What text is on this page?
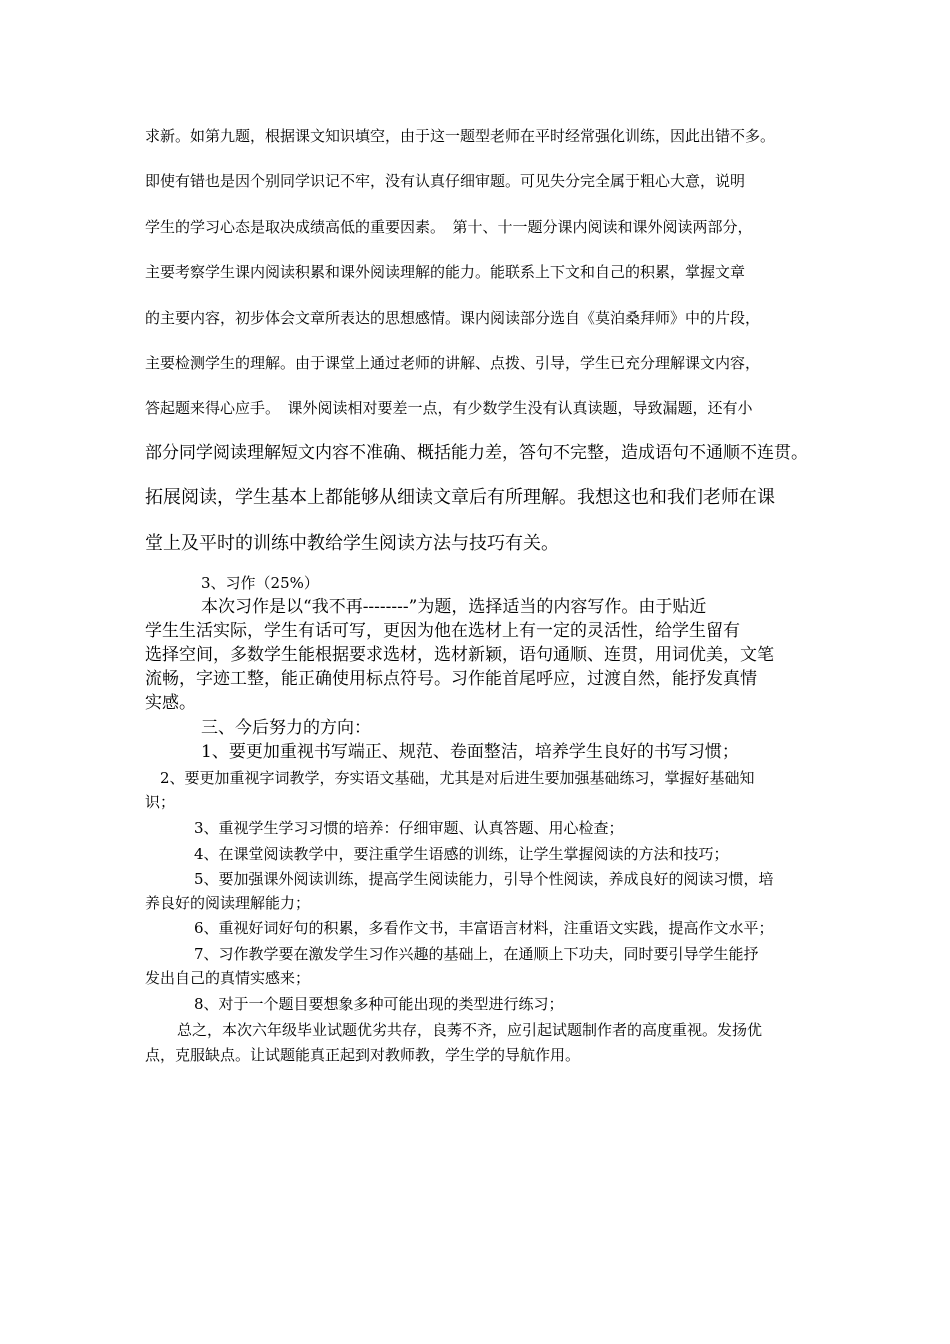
求新。如第九题，根据课文知识填空，由于这一题型老师在平时经常强化训练，因此出错不多。
即使有错也是因个别同学识记不牢，没有认真仔细审题。可见失分完全属于粗心大意，说明
学生的学习心态是取决成绩高低的重要因素。　第十、十一题分课内阅读和课外阅读两部分，
主要考察学生课内阅读积累和课外阅读理解的能力。能联系上下文和自己的积累，掌握文章
的主要内容，初步体会文章所表达的思想感情。课内阅读部分选自《莫泊桑拜师》中的片段，
主要检测学生的理解。由于课堂上通过老师的讲解、点拨、引导，学生已充分理解课文内容，
答起题来得心应手。　课外阅读相对要差一点，有少数学生没有认真读题，导致漏题，还有小
部分同学阅读理解短文内容不准确、概括能力差，答句不完整，造成语句不通顺不连贯。
拓展阅读，学生基本上都能够从细读文章后有所理解。我想这也和我们老师在课
堂上及平时的训练中教给学生阅读方法与技巧有关。
3、习作（25%）
本次习作是以“我不再--------”为题，选择适当的内容写作。由于贴近
学生生活实际，学生有话可写，更因为他在选材上有一定的灵活性，给学生留有
选择空间，多数学生能根据要求选材，选材新颖，语句通顺、连贯，用词优美，文笔
流畅，字迹工整，能正确使用标点符号。习作能首尾呼应，过渡自然，能抒发真情
实感。
三、今后努力的方向：
1、要更加重视书写端正、规范、卷面整洁，培养学生良好的书写习惯；
2、要更加重视字词教学，夯实语文基础，尤其是对后进生要加强基础练习，掌握好基础知
识；
3、重视学生学习习惯的培养：仔细审题、认真答题、用心检查；
4、在课堂阅读教学中，要注重学生语感的训练，让学生掌握阅读的方法和技巧；
5、要加强课外阅读训练，提高学生阅读能力，引导个性阅读，养成良好的阅读习惯，培
养良好的阅读理解能力；
6、重视好词好句的积累，多看作文书，丰富语言材料，注重语文实践，提高作文水平；
7、习作教学要在激发学生习作兴趣的基础上，在通顺上下功夫，同时要引导学生能抒
发出自己的真情实感来；
8、对于一个题目要想象多种可能出现的类型进行练习；
总之，本次六年级毕业试题优劣共存，良莠不齐，应引起试题制作者的高度重视。发扬优
点，克服缺点。让试题能真正起到对教师教，学生学的导航作用。
